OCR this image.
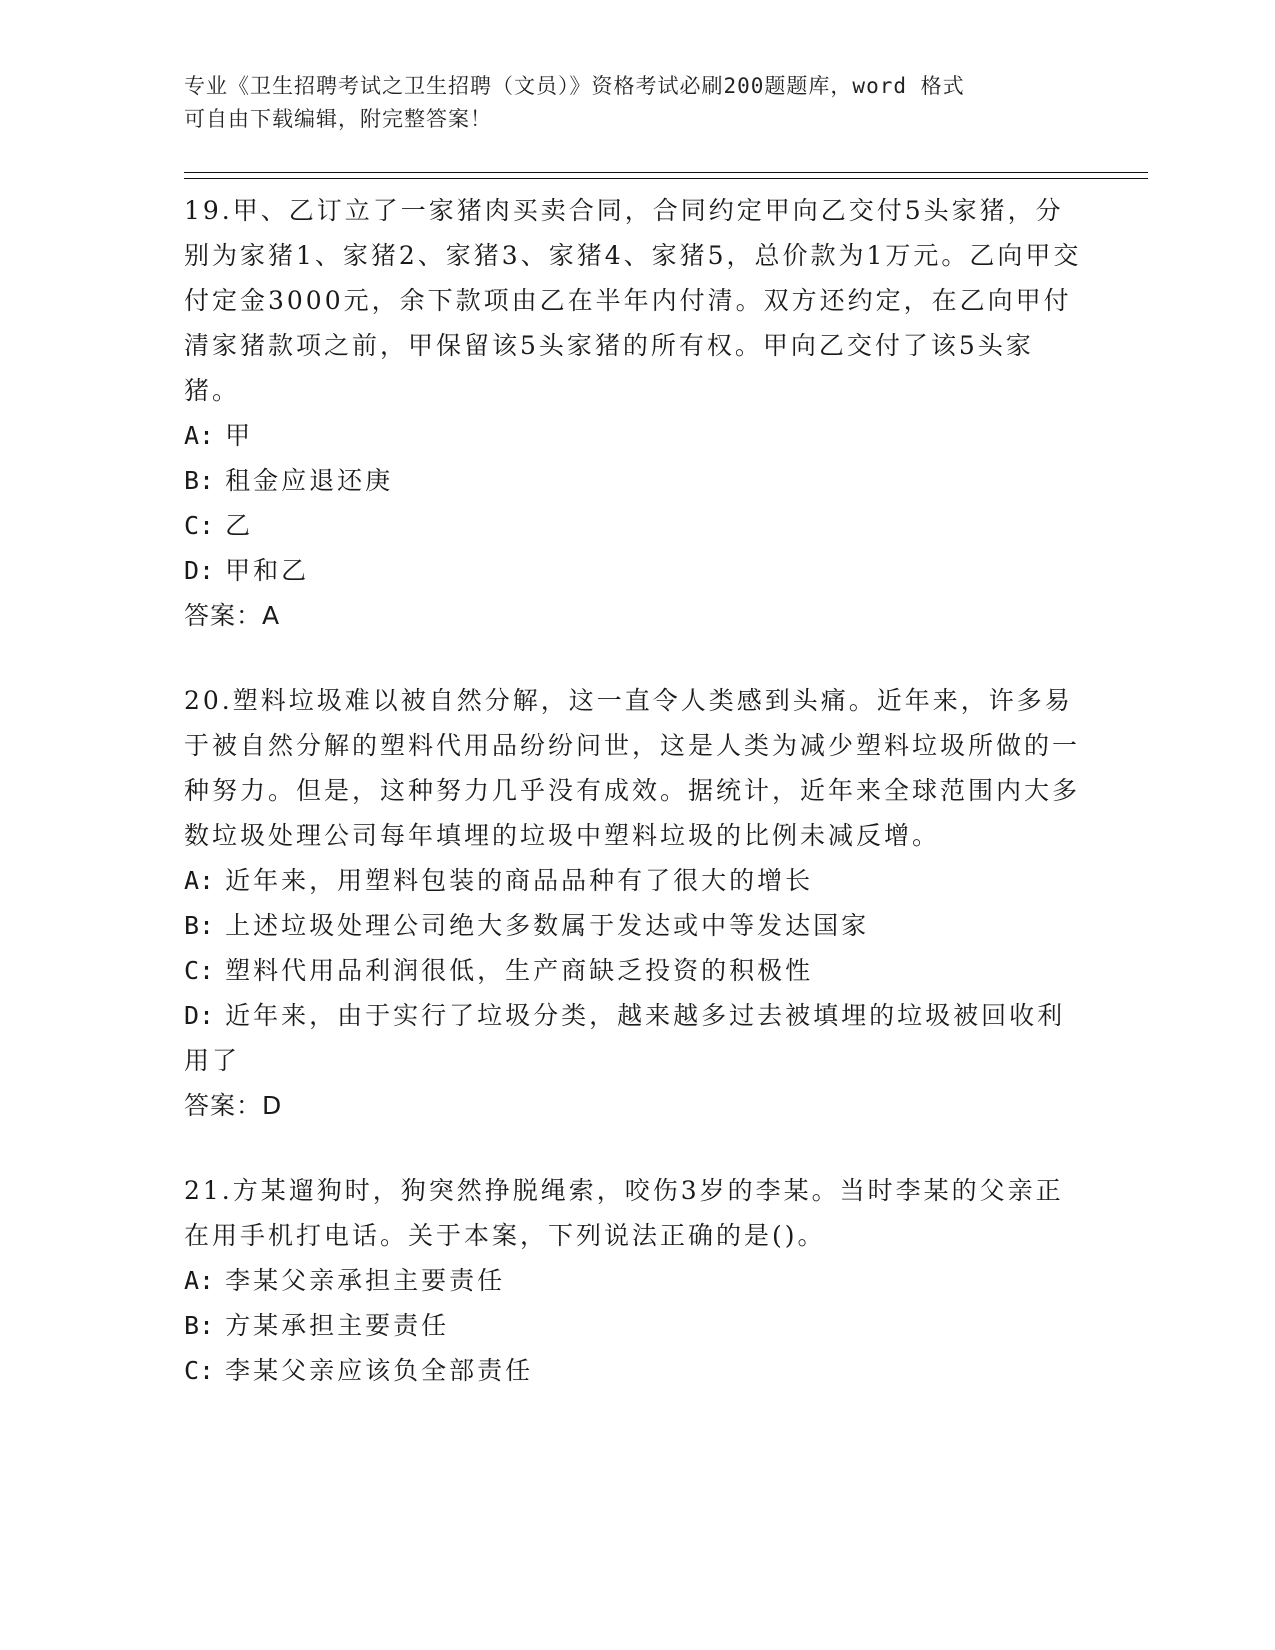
专业《卫生招聘考试之卫生招聘（文员）》资格考试必刷200题题库，word 格式
可自由下载编辑，附完整答案！
19.甲、乙订立了一家猪肉买卖合同，合同约定甲向乙交付5头家猪，分别为家猪1、家猪2、家猪3、家猪4、家猪5，总价款为1万元。乙向甲交付定金3000元，余下款项由乙在半年内付清。双方还约定，在乙向甲付清家猪款项之前，甲保留该5头家猪的所有权。甲向乙交付了该5头家猪。
A: 甲
B: 租金应退还庚
C: 乙
D: 甲和乙
答案：A
20.塑料垃圾难以被自然分解，这一直令人类感到头痛。近年来，许多易于被自然分解的塑料代用品纷纷问世，这是人类为减少塑料垃圾所做的一种努力。但是，这种努力几乎没有成效。据统计，近年来全球范围内大多数垃圾处理公司每年填埋的垃圾中塑料垃圾的比例未减反增。
A: 近年来，用塑料包装的商品品种有了很大的增长
B: 上述垃圾处理公司绝大多数属于发达或中等发达国家
C: 塑料代用品利润很低，生产商缺乏投资的积极性
D: 近年来，由于实行了垃圾分类，越来越多过去被填埋的垃圾被回收利用了
答案：D
21.方某遛狗时，狗突然挣脱绳索，咬伤3岁的李某。当时李某的父亲正在用手机打电话。关于本案，下列说法正确的是()。
A: 李某父亲承担主要责任
B: 方某承担主要责任
C: 李某父亲应该负全部责任
